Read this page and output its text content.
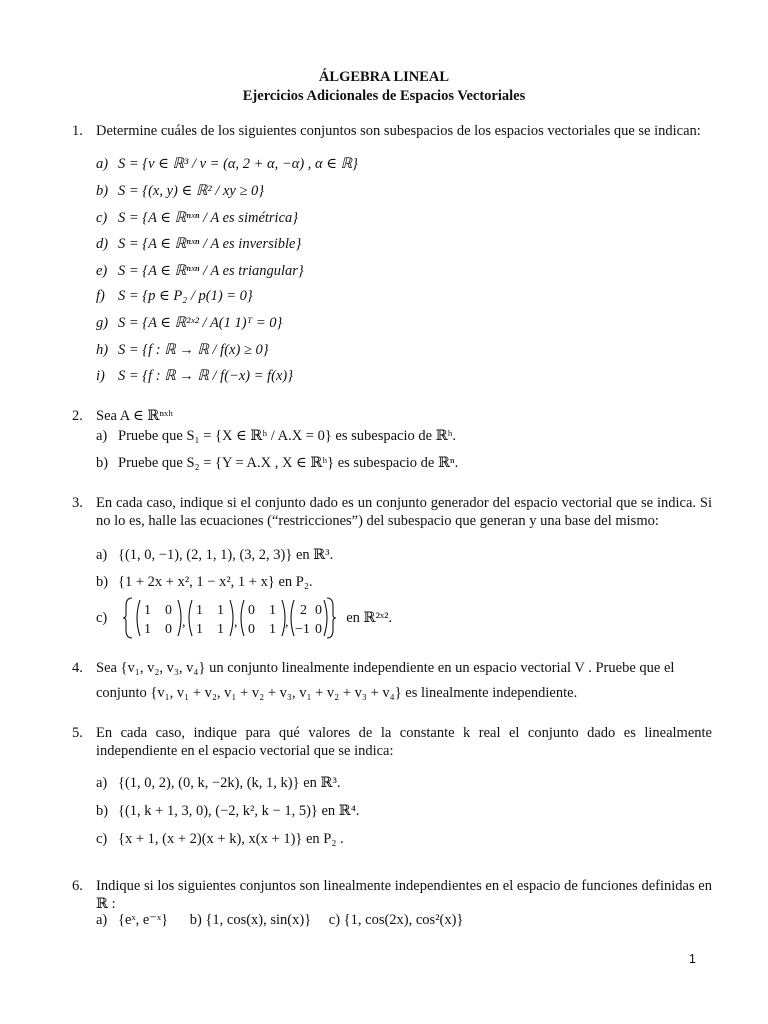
ÁLGEBRA LINEAL
Ejercicios Adicionales de Espacios Vectoriales
1. Determine cuáles de los siguientes conjuntos son subespacios de los espacios vectoriales que se indican:
a) S = {v ∈ ℝ³ / v = (α, 2 + α, −α) , α ∈ ℝ}
b) S = {(x, y) ∈ ℝ² / xy ≥ 0}
c) S = {A ∈ ℝⁿˣⁿ / A es simétrica}
d) S = {A ∈ ℝⁿˣⁿ / A es inversible}
e) S = {A ∈ ℝⁿˣⁿ / A es triangular}
f) S = {p ∈ P₂ / p(1) = 0}
g) S = {A ∈ ℝ²ˣ² / A(1 1)ᵀ = 0}
h) S = {f : ℝ → ℝ / f(x) ≥ 0}
i) S = {f : ℝ → ℝ / f(−x) = f(x)}
2. Sea A ∈ ℝⁿˣʰ
a) Pruebe que S₁ = {X ∈ ℝʰ / A.X = 0} es subespacio de ℝʰ.
b) Pruebe que S₂ = {Y = A.X , X ∈ ℝʰ} es subespacio de ℝⁿ.
3. En cada caso, indique si el conjunto dado es un conjunto generador del espacio vectorial que se indica. Si no lo es, halle las ecuaciones (“restricciones”) del subespacio que generan y una base del mismo:
a) {(1, 0, −1), (2, 1, 1), (3, 2, 3)} en ℝ³.
b) {1 + 2x + x², 1 − x², 1 + x} en P₂.
c)	1 0
1 0 ,
1 1
1 1 ,
0 1
0 1 ,
2 0
−1 0
en ℝ²ˣ².
4. Sea {v₁, v₂, v₃, v₄} un conjunto linealmente independiente en un espacio vectorial V . Pruebe que el
conjunto {v₁, v₁ + v₂, v₁ + v₂ + v₃, v₁ + v₂ + v₃ + v₄} es linealmente independiente.
5. En cada caso, indique para qué valores de la constante k real el conjunto dado es linealmente independiente en el espacio vectorial que se indica:
a) {(1, 0, 2), (0, k, −2k), (k, 1, k)} en ℝ³.
b) {(1, k + 1, 3, 0), (−2, k², k − 1, 5)} en ℝ⁴.
c) {x + 1, (x + 2)(x + k), x(x + 1)} en P₂ .
6. Indique si los siguientes conjuntos son linealmente independientes en el espacio de funciones definidas en ℝ :
a) {eˣ, e⁻ˣ} b) {1, cos(x), sin(x)} c) {1, cos(2x), cos²(x)}
1
